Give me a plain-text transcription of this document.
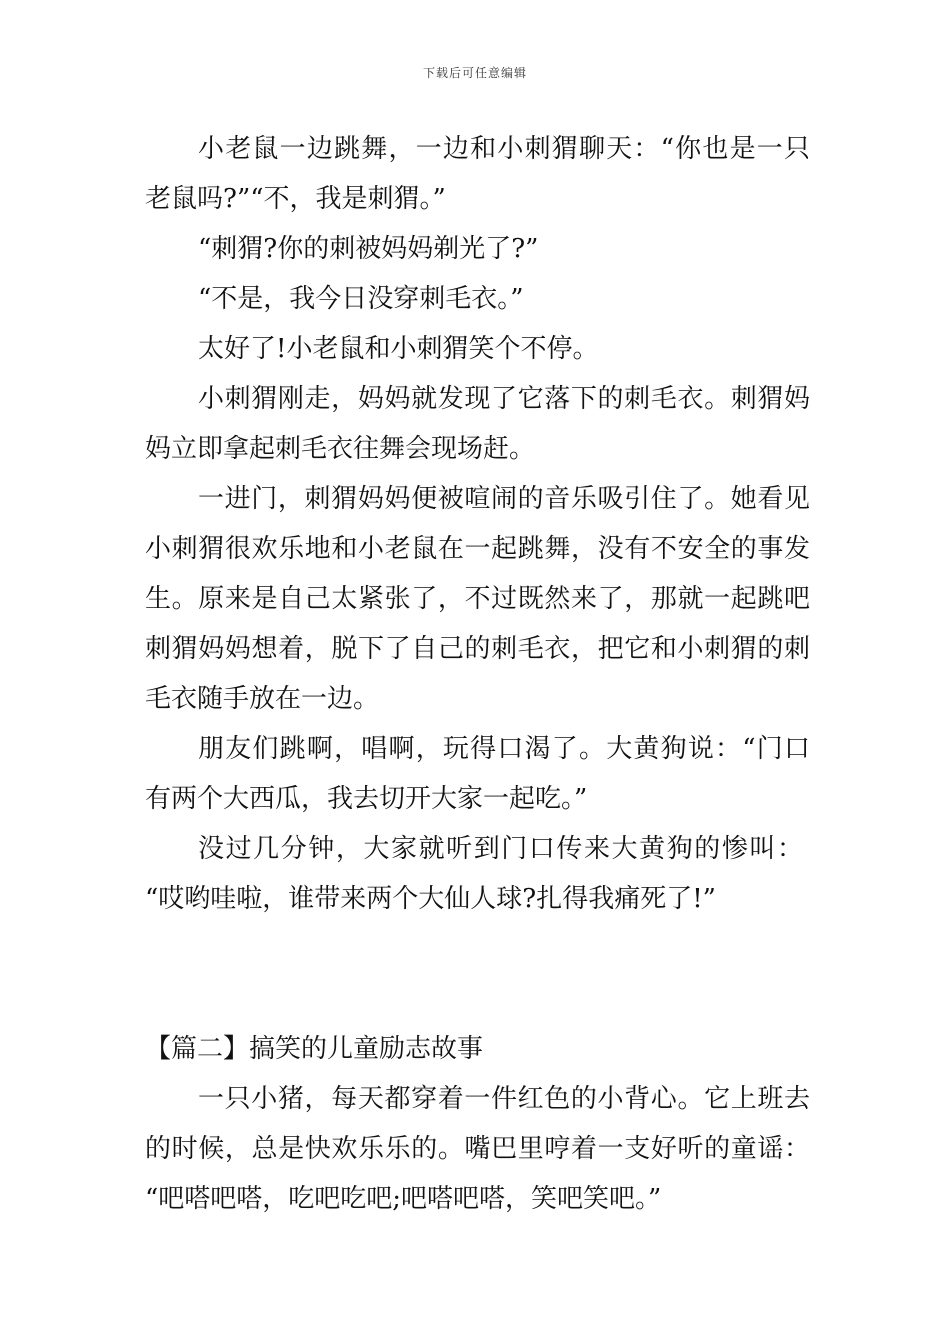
下载后可任意编辑
小老鼠一边跳舞，一边和小刺猬聊天：“你也是一只
老鼠吗?”“不，我是刺猬。”
“刺猬?你的刺被妈妈剃光了?”
“不是，我今日没穿刺毛衣。”
太好了!小老鼠和小刺猬笑个不停。
小刺猬刚走，妈妈就发现了它落下的刺毛衣。刺猬妈
妈立即拿起刺毛衣往舞会现场赶。
一进门，刺猬妈妈便被喧闹的音乐吸引住了。她看见
小刺猬很欢乐地和小老鼠在一起跳舞，没有不安全的事发
生。原来是自己太紧张了，不过既然来了，那就一起跳吧
刺猬妈妈想着，脱下了自己的刺毛衣，把它和小刺猬的刺
毛衣随手放在一边。
朋友们跳啊，唱啊，玩得口渴了。大黄狗说：“门口
有两个大西瓜，我去切开大家一起吃。”
没过几分钟，大家就听到门口传来大黄狗的惨叫：
“哎哟哇啦，谁带来两个大仙人球?扎得我痛死了!”
【篇二】搞笑的儿童励志故事
一只小猪，每天都穿着一件红色的小背心。它上班去
的时候，总是快欢乐乐的。嘴巴里哼着一支好听的童谣：
“吧嗒吧嗒，吃吧吃吧;吧嗒吧嗒，笑吧笑吧。”
